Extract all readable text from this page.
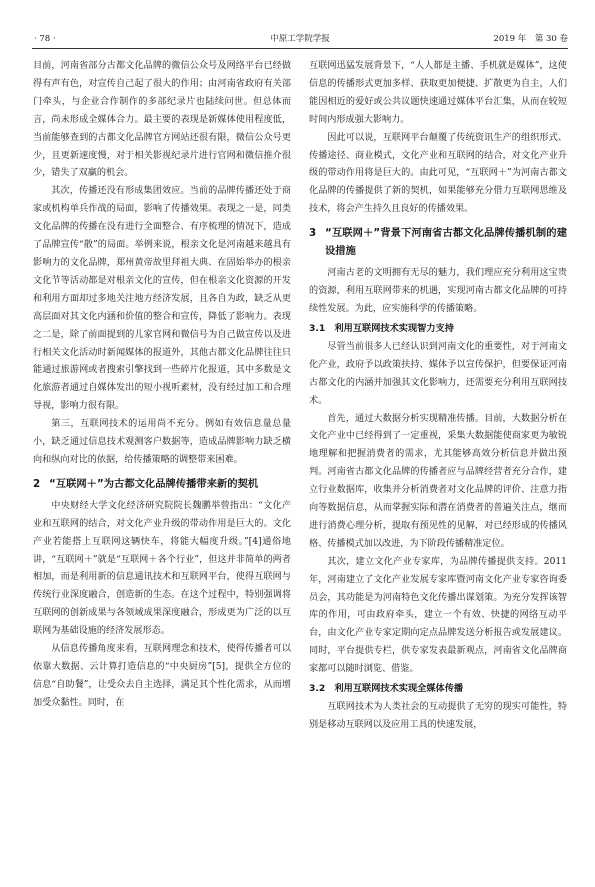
· 78 ·	中原工学院学报	2019 年　第 30 卷

目前，河南省部分古都文化品牌的微信公众号及网络平台已经做得有声有色，对宣传自己起了很大的作用；由河南省政府有关部门牵头，与企业合作制作的多部纪录片也陆续问世。但总体而言，尚未形成全媒体合力。最主要的表现是新媒体使用程度低，当前能够查到的古都文化品牌官方网站还很有限，微信公众号更少，且更新速度慢，对于相关影视纪录片进行官网和微信推介很少，错失了双赢的机会。

其次，传播还没有形成集团效应。当前的品牌传播还处于商家或机构单兵作战的局面，影响了传播效果。表现之一是，同类文化品牌的传播在没有进行全面整合、有序梳理的情况下，造成了品牌宣传“散”的局面。举例来说，根亲文化是河南越来越具有影响力的文化品牌，郑州黄帝故里拜祖大典、在固始举办的根亲文化节等活动都是对根亲文化的宣传，但在根亲文化资源的开发和利用方面却过多地关注地方经济发展，且各自为政，缺乏从更高层面对其文化内涵和价值的整合和宣传，降低了影响力。表现之二是，除了前面提到的儿家官网和微信号为自己做宣传以及进行相关文化活动时新闻媒体的报道外，其他古都文化品牌往往只能通过旅游网或者搜索引擎找到一些碎片化报道，其中多数是文化旅游者通过自媒体发出的短小视听素材，没有经过加工和合理导视，影响力很有限。

第三，互联网技术的运用尚不充分。例如有效信息量总量小，缺乏通过信息技术观测客户数据等，造成品牌影响力缺乏横向和纵向对比的依据，给传播策略的调整带来困难。

2 “互联网＋”为古都文化品牌传播带来新的契机

中央财经大学文化经济研究院院长魏鹏举曾指出：“文化产业和互联网的结合，对文化产业升级的带动作用是巨大的。文化产业若能搭上互联网这辆快车，将能大幅度升级。”[4]通俗地讲，“互联网＋”就是“互联网＋各个行业”，但这并非简单的两者相加，而是利用新的信息通讯技术和互联网平台，使得互联网与传统行业深度融合，创造新的生态。在这个过程中，特别强调将互联网的创新成果与各领域成果深度融合，形成更为广泛的以互联网为基础设施的经济发展形态。

从信息传播角度来看，互联网理念和技术，使得传播者可以依靠大数据、云计算打造信息的“中央厨房”[5]，提供全方位的信息“自助餐”，让受众去自主选择，满足其个性化需求，从而增加受众黏性。同时，在

互联网迅猛发展背景下，“人人都是主播、手机就是媒体”，这使信息的传播形式更加多样、获取更加便捷、扩散更为自主，人们能因相近的爱好或公共议题快速通过媒体平台汇集，从而在较短时间内形成强大影响力。

因此可以说，互联网平台颠覆了传统资讯生产的组织形式、传播途径、商业模式，文化产业和互联网的结合，对文化产业升级的带动作用将是巨大的。由此可见，“互联网＋”为河南古都文化品牌的传播提供了新的契机，如果能够充分借力互联网思维及技术，将会产生持久且良好的传播效果。

3 “互联网＋”背景下河南省古都文化品牌传播机制的建设措施

河南古老的文明拥有无尽的魅力，我们理应充分利用这宝贵的资源，利用互联网带来的机遇，实现河南古都文化品牌的可持续性发展。为此，应实施科学的传播策略。

3.1　利用互联网技术实现智力支持

尽管当前很多人已经认识到河南文化的重要性，对于河南文化产业，政府予以政策扶持、媒体予以宣传保护，但要保证河南古都文化的内涵并加强其文化影响力，还需要充分利用互联网技术。

首先，通过大数据分析实现精准传播。目前，大数据分析在文化产业中已经得到了一定重视，采集大数据能使商家更为敏锐地理解和把握消费者的需求，尤其能够高效分析信息并做出预判。河南省古都文化品牌的传播者应与品牌经营者充分合作，建立行业数据库，收集并分析消费者对文化品牌的评价、注意力指向等数据信息，从而掌握实际和潜在消费者的普遍关注点，继而进行消费心理分析，提取有预见性的见解，对已经形成的传播风格、传播模式加以改进，为下阶段传播精准定位。

其次，建立文化产业专家库，为品牌传播提供支持。2011 年，河南建立了文化产业发展专家库暨河南文化产业专家咨询委员会，其功能是为河南特色文化传播出谋划策。为充分发挥该智库的作用，可由政府牵头，建立一个有效、快捷的网络互动平台，由文化产业专家定期向定点品牌发送分析报告或发展建议。同时，平台提供专栏，供专家发表最新观点，河南省文化品牌商家都可以随时浏览、借鉴。

3.2　利用互联网技术实现全媒体传播

互联网技术为人类社会的互动提供了无穷的现实可能性，特别是移动互联网以及应用工具的快速发展，
